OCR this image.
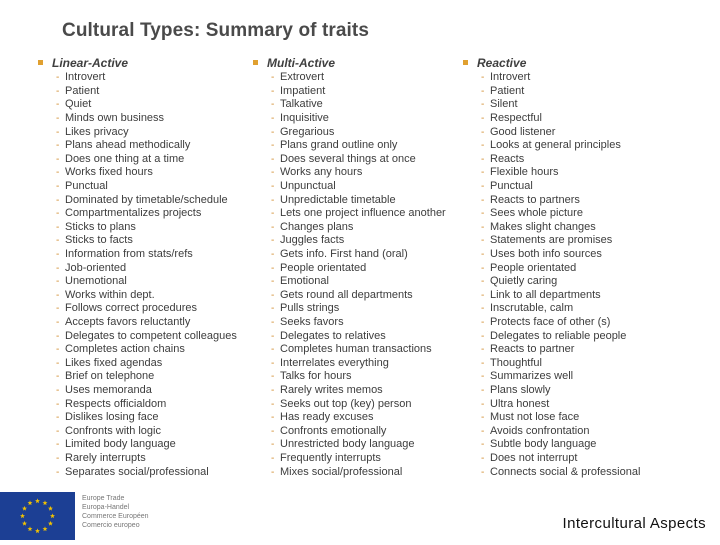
Cultural Types: Summary of traits
Linear-Active
- Introvert
- Patient
- Quiet
- Minds own business
- Likes privacy
- Plans ahead methodically
- Does one thing at a time
- Works fixed hours
- Punctual
- Dominated by timetable/schedule
- Compartmentalizes projects
- Sticks to plans
- Sticks to facts
- Information from stats/refs
- Job-oriented
- Unemotional
- Works within dept.
- Follows correct procedures
- Accepts favors reluctantly
- Delegates to competent colleagues
- Completes action chains
- Likes fixed agendas
- Brief on telephone
- Uses memoranda
- Respects officialdom
- Dislikes losing face
- Confronts with logic
- Limited body language
- Rarely interrupts
- Separates social/professional
Multi-Active
- Extrovert
- Impatient
- Talkative
- Inquisitive
- Gregarious
- Plans grand outline only
- Does several things at once
- Works any hours
- Unpunctual
- Unpredictable timetable
- Lets one project influence another
- Changes plans
- Juggles facts
- Gets info. First hand (oral)
- People orientated
- Emotional
- Gets round all departments
- Pulls strings
- Seeks favors
- Delegates to relatives
- Completes human transactions
- Interrelates everything
- Talks for hours
- Rarely writes memos
- Seeks out top (key) person
- Has ready excuses
- Confronts emotionally
- Unrestricted body language
- Frequently interrupts
- Mixes social/professional
Reactive
- Introvert
- Patient
- Silent
- Respectful
- Good listener
- Looks at general principles
- Reacts
- Flexible hours
- Punctual
- Reacts to partners
- Sees whole picture
- Makes slight changes
- Statements are promises
- Uses both info sources
- People orientated
- Quietly caring
- Link to all departments
- Inscrutable, calm
- Protects face of other (s)
- Delegates to reliable people
- Reacts to partner
- Thoughtful
- Summarizes well
- Plans slowly
- Ultra honest
- Must not lose face
- Avoids confrontation
- Subtle body language
- Does not interrupt
- Connects social & professional
Europe Trade
Europa-Handel
Commerce Européen
Comercio europeo	Intercultural Aspects
